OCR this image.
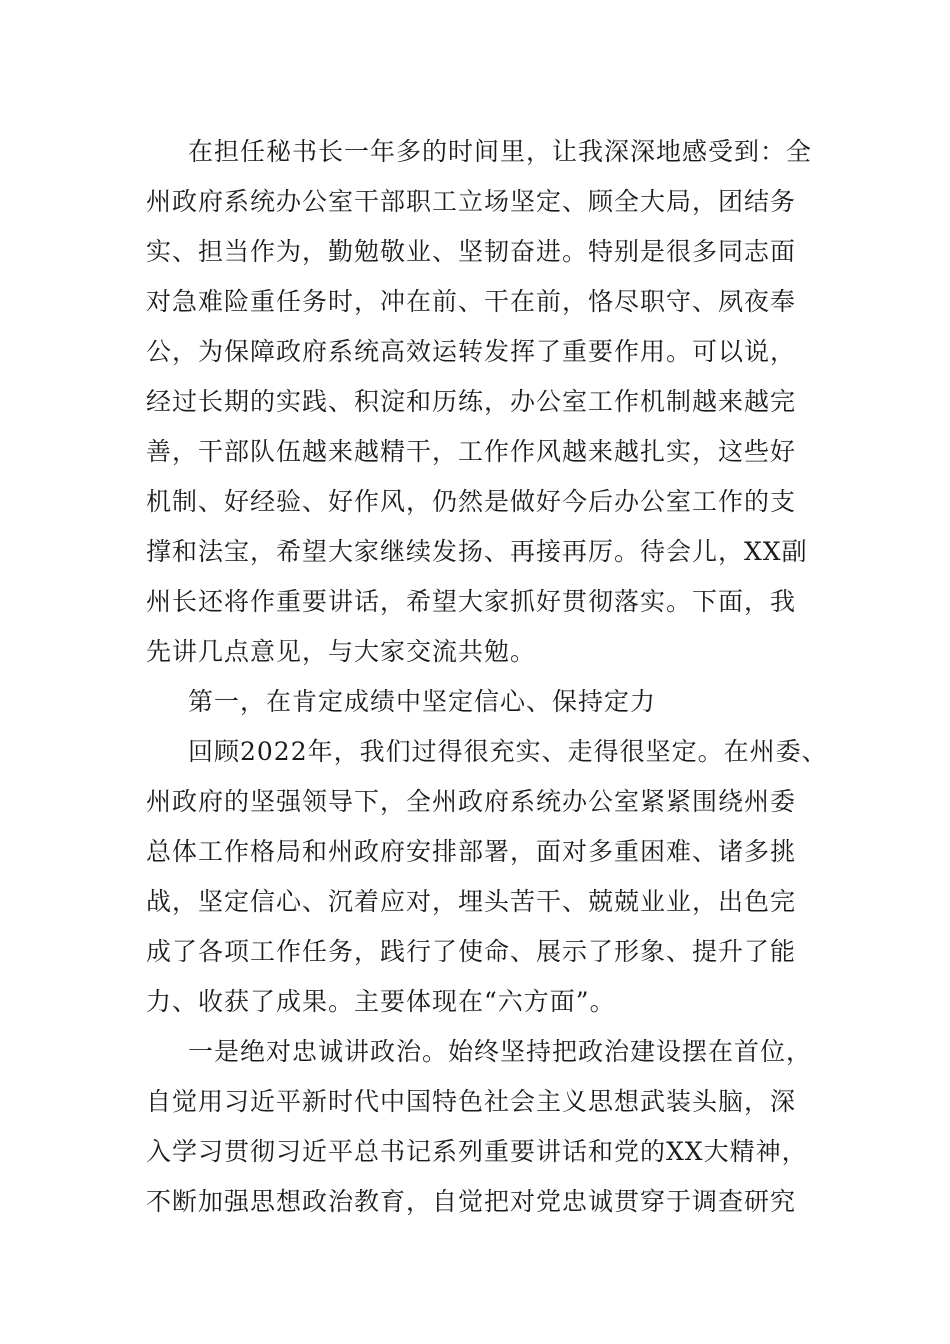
在担任秘书长一年多的时间里，让我深深地感受到：全
州政府系统办公室干部职工立场坚定、顾全大局，团结务
实、担当作为，勤勉敬业、坚韧奋进。特别是很多同志面
对急难险重任务时，冲在前、干在前，恪尽职守、夙夜奉
公，为保障政府系统高效运转发挥了重要作用。可以说，
经过长期的实践、积淀和历练，办公室工作机制越来越完
善，干部队伍越来越精干，工作作风越来越扎实，这些好
机制、好经验、好作风，仍然是做好今后办公室工作的支
撑和法宝，希望大家继续发扬、再接再厉。待会儿，XX副
州长还将作重要讲话，希望大家抓好贯彻落实。下面，我
先讲几点意见，与大家交流共勉。
第一，在肯定成绩中坚定信心、保持定力
回顾2022年，我们过得很充实、走得很坚定。在州委、
州政府的坚强领导下，全州政府系统办公室紧紧围绕州委
总体工作格局和州政府安排部署，面对多重困难、诸多挑
战，坚定信心、沉着应对，埋头苦干、兢兢业业，出色完
成了各项工作任务，践行了使命、展示了形象、提升了能
力、收获了成果。主要体现在“六方面”。
一是绝对忠诚讲政治。始终坚持把政治建设摆在首位，
自觉用习近平新时代中国特色社会主义思想武装头脑，深
入学习贯彻习近平总书记系列重要讲话和党的XX大精神，
不断加强思想政治教育，自觉把对党忠诚贯穿于调查研究
